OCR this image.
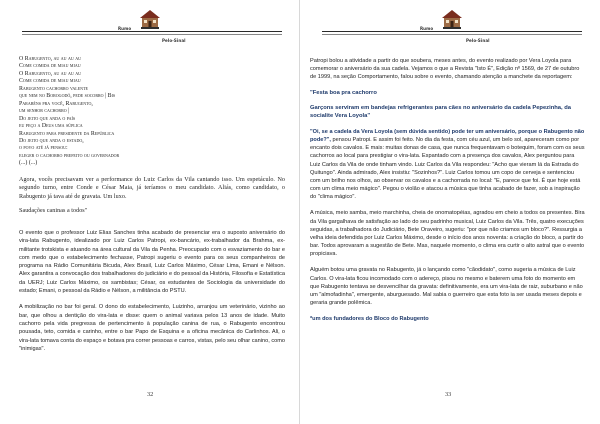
Rumo
Pelo-Sinal
O Rabugento, au au au au
Come comida de miau miau
O Rabugento, au au au au
Come comida de miau miau
Rabugento cachorro valente
que nem no Borogodó, pede socorro | Bis
Parabéns pra você, Rabugento,
um senhor cachorro |
Do jeito que anda o país
eu peço a Deus uma súplica
Rabugento para presidente da República
Do jeito que anda o estado,
o povo até já pensou:
eleger o cachorro prefeito ou governador
(...) (...)

Agora, vocês precisavam ver a performance do Luiz Carlos da Vila cantando isso. Um espetáculo. No segundo turno, entre Conde e César Maia, já teríamos o meu candidato. Aliás, como candidato, o Rabugento já tava até de gravata. Um luxo.

Saudações caninas a todos"

O evento que o professor Luiz Elias Sanches tinha acabado de presenciar era o suposto aniversário do vira-lata Rabugento, idealizado por Luiz Carlos Patropi, ex-bancário, ex-trabalhador da Brahma, ex-militante trotskista e atuando na área cultural da Vila da Penha. Preocupado com o esvaziamento do bar e com medo que o estabelecimento fechasse, Patropi sugeriu o evento para os seus companheiros de programa na Rádio Comunitária Bicuda, Alex Brasil, Luiz Carlos Máximo, César Lima, Emani e Nélson. Alex garantira a convocação dos trabalhadores do judiciário e do pessoal da História, Filosofia e Estatística da UERJ; Luiz Carlos Máximo, os sambistas; César, os estudantes de Sociologia da universidade do estado; Emani, o pessoal da Rádio e Nélson, a militância do PSTU.

A mobilização no bar foi geral. O dono do estabelecimento, Luizinho, arranjou um veterinário, vizinho ao bar, que olhou a dentição do vira-lata e disse: quem o animal variava pelos 13 anos de idade. Muito cachorro pela vida pregressa de pertencimento à população canina de rua, o Rabugento encontrou pousada, teto, comida e carinho, entre o bar Papo de Esquina e a oficina mecânica do Carlinhos. Ali, o vira-lata tomava conta do espaço e botava pra correr pessoas e carros, vistas, pelo seu olhar canino, como "inimigas".

32
Rumo
Pelo-Sinal

Patropi bolou a atividade a partir do que soubera, meses antes, do evento realizado por Vera Loyola para comemorar o aniversário da sua cadela. Vejamos o que a Revista "Isto É", Edição nº 1569, de 27 de outubro de 1999, na seção Comportamento, falou sobre o evento, chamando atenção a manchete da reportagem:

"Festa boa pra cachorro

Garçons serviram em bandejas refrigerantes para cães no aniversário da cadela Pepezinha, da socialite Vera Loyola"

"Oi, se a cadela da Vera Loyola (sem dúvida sentido) pode ter um aniversário, porque o Rabugento não pode?", pensou Patropi. E assim foi feito. No dia da festa, com céu azul, um belo sol, apareceram como por encanto dois cavalos. E mais: muitas donas de casa, que nunca frequentavam o botequim, foram com os seus cachorros ao local para prestigiar o vira-lata. Espantado com a presença dos cavalos, Alex perguntou para Luiz Carlos da Vila de onde tinham vindo. Luiz Carlos da Vila respondeu: "Acho que vieram lá da Estrada do Quitungo". Ainda admirado, Alex insistiu: "Sozinhos?". Luiz Carlos tomou um copo de cerveja e sentenciou com um brilho nos olhos, ao observar os cavalos e a cachorrada no local: "E, parece que foi. É que hoje está com um clima meio mágico". Pegou o violão e atacou a música que tinha acabado de fazer, sob a inspiração do "clima mágico".

A música, meio samba, meio marchinha, cheia de onomatopéias, agradou em cheio a todos os presentes. Bira da Vila gargalhava de satisfação ao lado do seu padrinho musical, Luiz Carlos da Vila. Três, quatro execuções seguidas, a trabalhadora do Judiciário, Bete Oraveiro, sugeriu: "por que não criamos um bloco?". Ressurgia a velha ideia defendida por Luiz Carlos Máximo, desde o início dos anos noventa: a criação do bloco, a partir do bar. Todos aprovaram a sugestão de Bete. Mas, naquele momento, o clima era curtir o alto astral que o evento propiciava.

Alguém botou uma gravata no Rabugento, já o lançando como "cãodidato", como sugeria a música de Luiz Carlos. O vira-lata ficou incomodado com o adereço, pisou no mesmo e baterem uma foto do momento em que Rabugento tentava se desvencilhar da gravata: definitivamente, era um vira-lata de raiz, suburbano e não um "almofadinha", emergente, aburguesado. Mal sabia o guerreiro que esta foto ia ser usada meses depois e geraria grande polêmica.

*um dos fundadores do Bloco do Rabugento

33
